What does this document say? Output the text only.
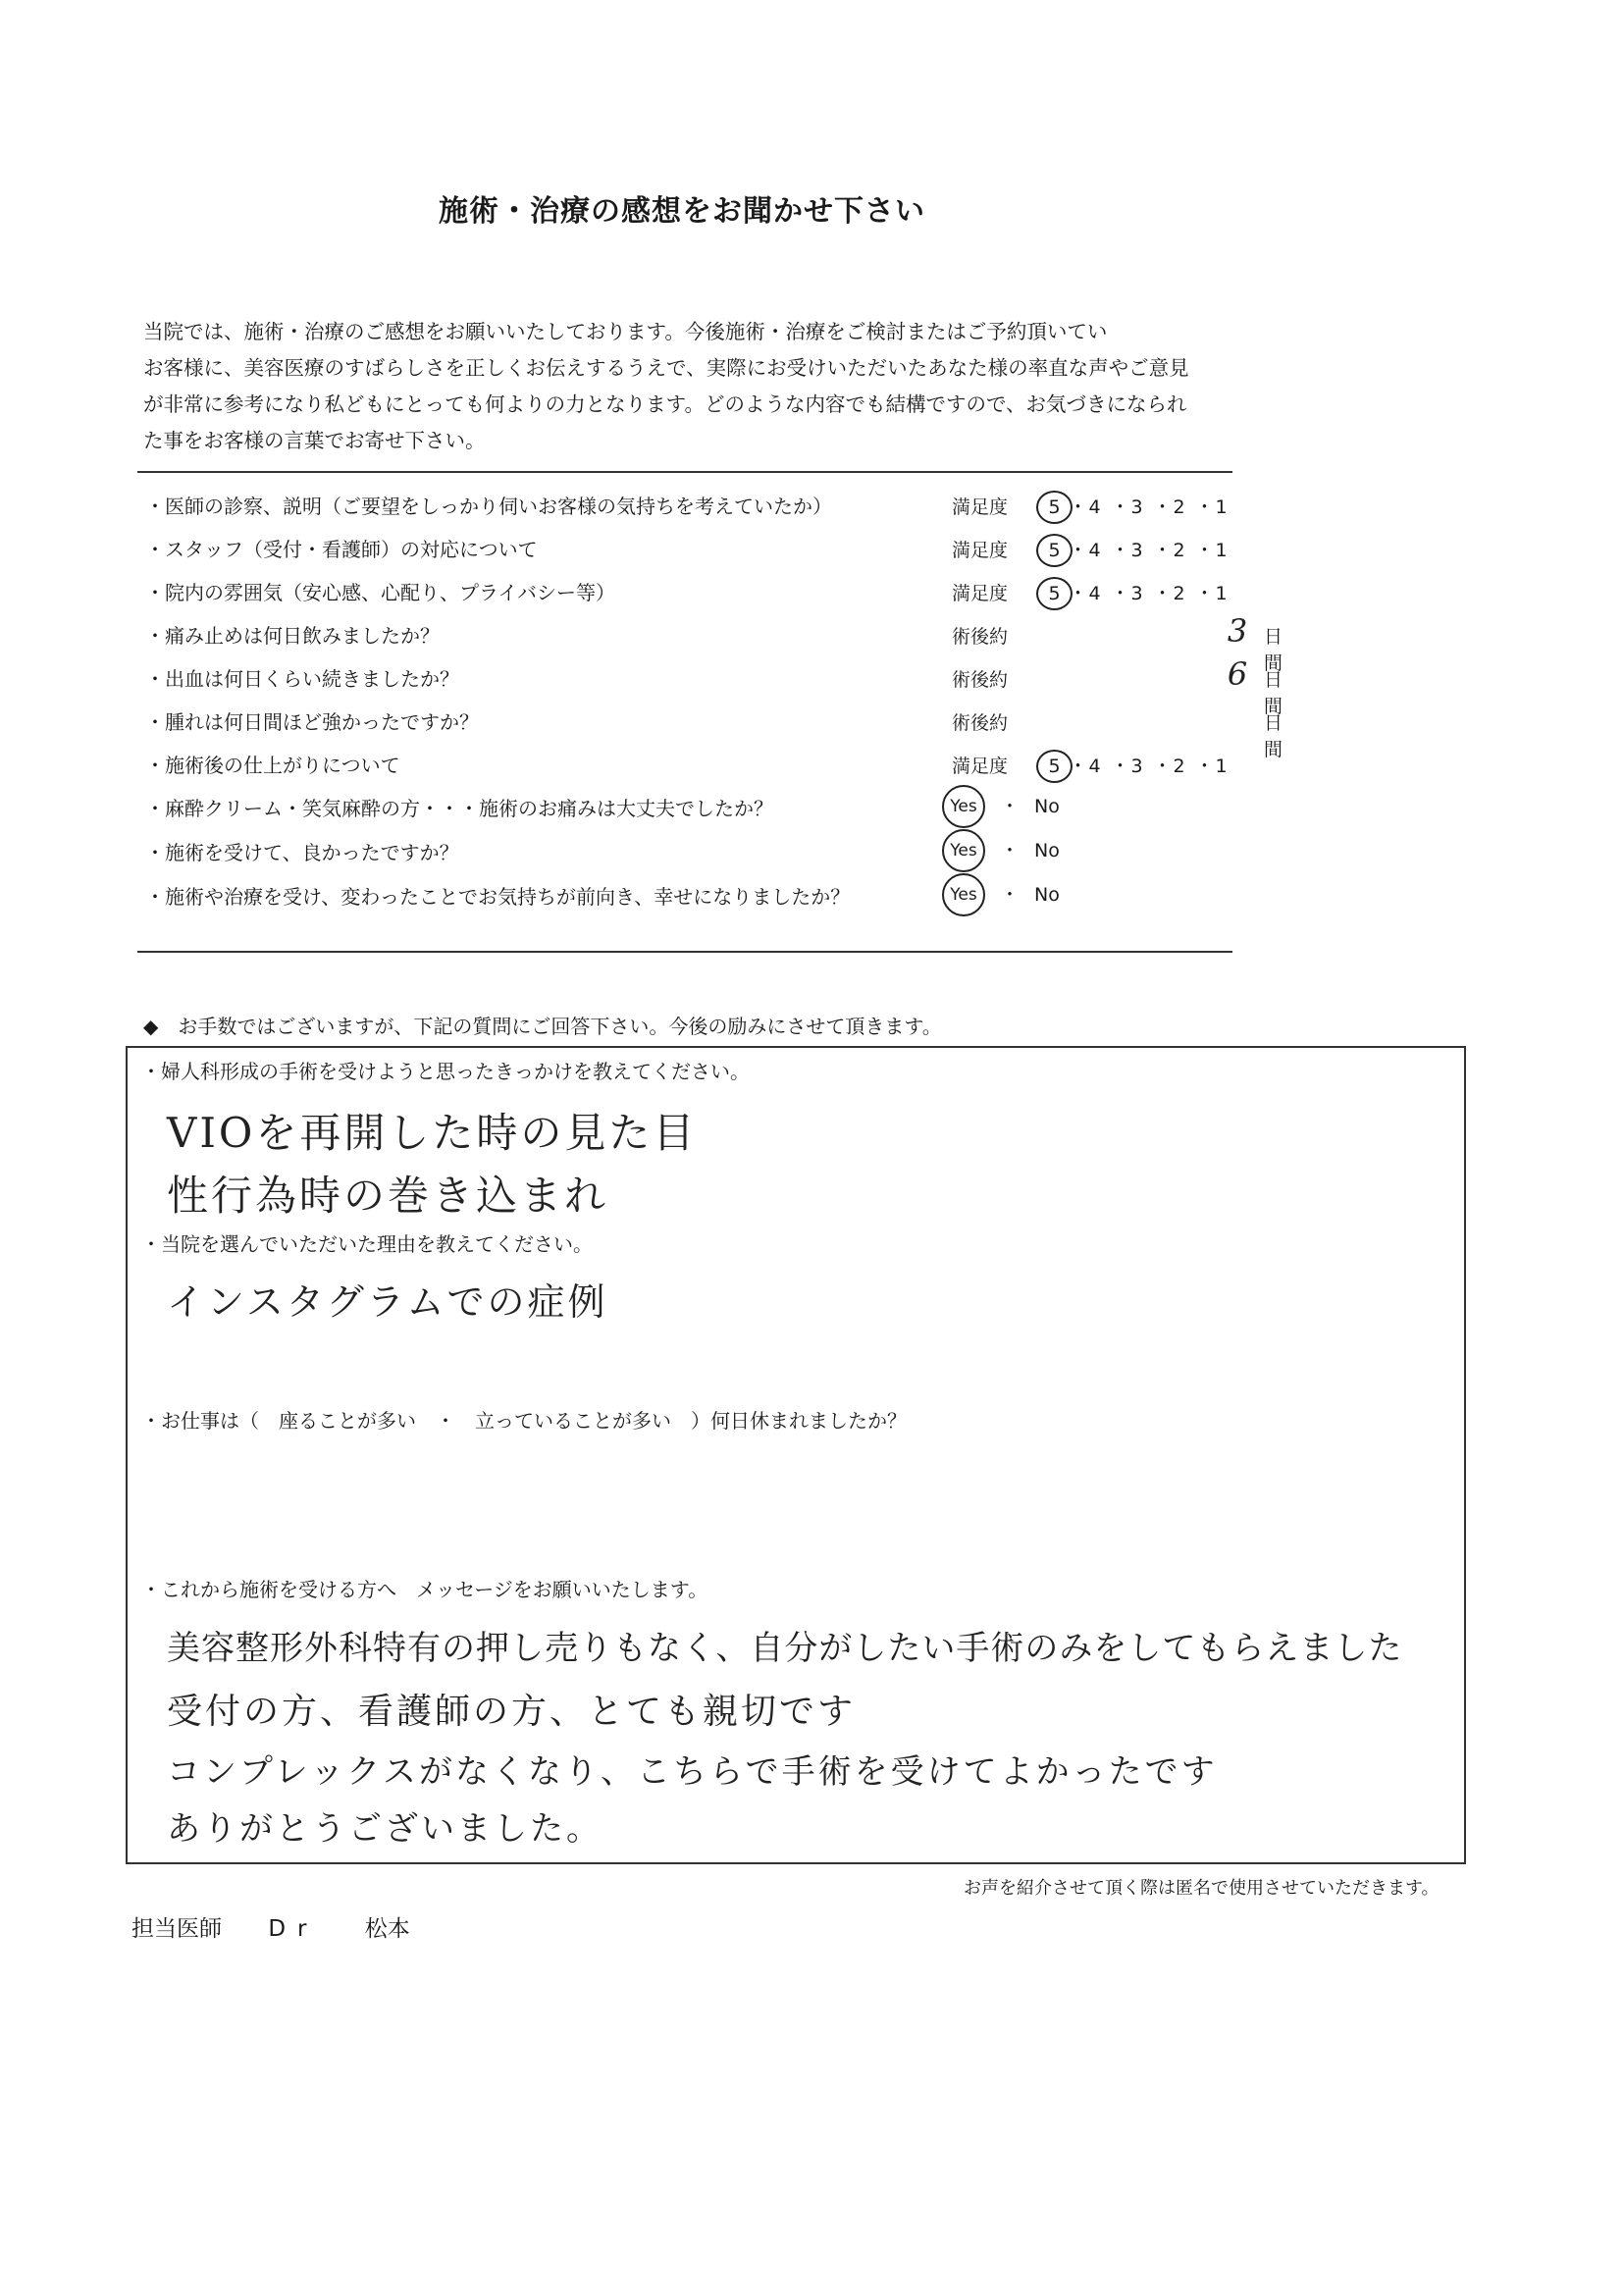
施術・治療の感想をお聞かせ下さい
当院では、施術・治療のご感想をお願いいたしております。今後施術・治療をご検討またはご予約頂いてい
お客様に、美容医療のすばらしさを正しくお伝えするうえで、実際にお受けいただいたあなた様の率直な声やご意見
が非常に参考になり私どもにとっても何よりの力となります。どのような内容でも結構ですので、お気づきになられ
た事をお客様の言葉でお寄せ下さい。
・医師の診察、説明（ご要望をしっかり伺いお客様の気持ちを考えていたか）	満足度	5 ・4 ・3 ・2 ・1
・スタッフ（受付・看護師）の対応について	満足度	5 ・4 ・3 ・2 ・1
・院内の雰囲気（安心感、心配り、プライバシー等）	満足度	5 ・4 ・3 ・2 ・1
・痛み止めは何日飲みましたか？	術後約	3 日間
・出血は何日くらい続きましたか？	術後約	6 日間
・腫れは何日間ほど強かったですか？	術後約	日間
・施術後の仕上がりについて	満足度	5 ・4 ・3 ・2 ・1
・麻酔クリーム・笑気麻酔の方・・・施術のお痛みは大丈夫でしたか？	Yes ・ No
・施術を受けて、良かったですか？	Yes ・ No
・施術や治療を受け、変わったことでお気持ちが前向き、幸せになりましたか？	Yes ・ No
◆　お手数ではございますが、下記の質問にご回答下さい。今後の励みにさせて頂きます。
・婦人科形成の手術を受けようと思ったきっかけを教えてください。
VIOを再開した時の見た目
性行為時の巻き込まれ
・当院を選んでいただいた理由を教えてください。
インスタグラムでの症例
・お仕事は（　座ることが多い　・　立っていることが多い　）何日休まれましたか？
・これから施術を受ける方へ　メッセージをお願いいたします。
美容整形外科特有の押し売りもなく、自分がしたい手術のみをしてもらえました
受付の方、看護師の方、とても親切です
コンプレックスがなくなり、こちらで手術を受けてよかったです
ありがとうございました。
お声を紹介させて頂く際は匿名で使用させていただきます。
担当医師 Dr 松本
